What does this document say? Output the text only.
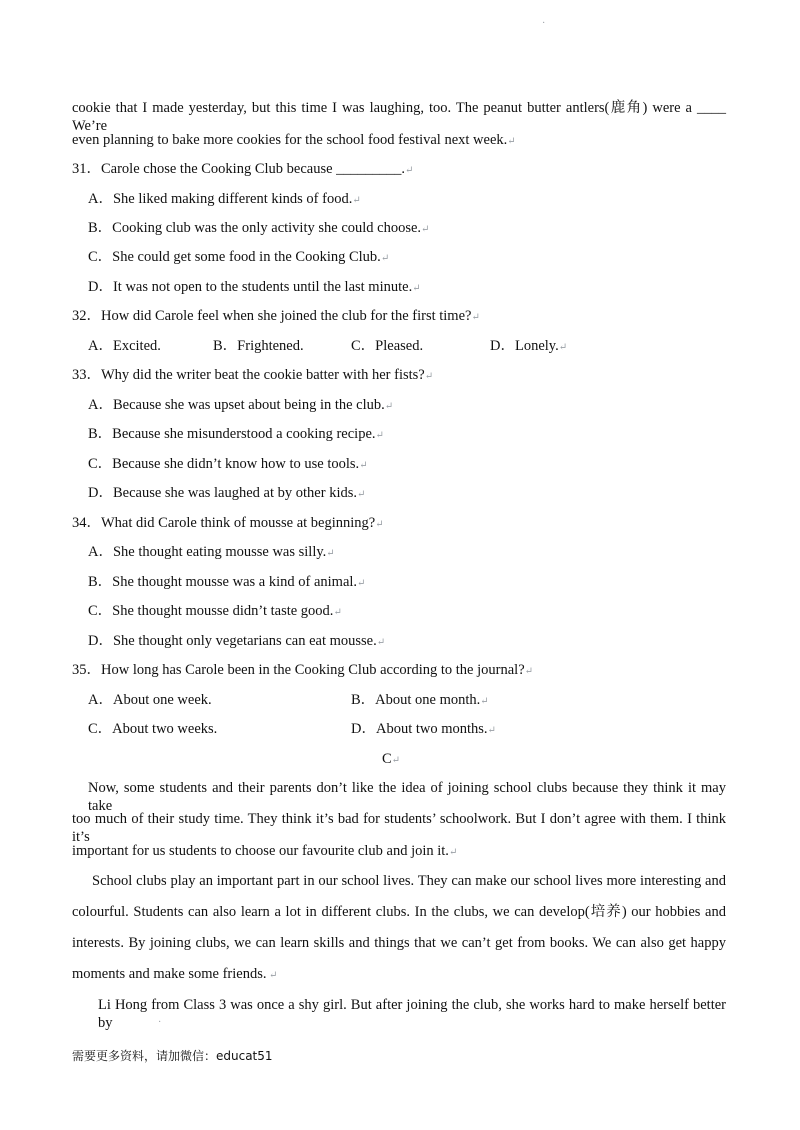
·
cookie that I made yesterday, but this time I was laughing, too. The peanut butter antlers(鹿角) were a ____ We’re
even planning to bake more cookies for the school food festival next week.↵
31．Carole chose the Cooking Club because _________.↵
A．She liked making different kinds of food.↵
B．Cooking club was the only activity she could choose.↵
C．She could get some food in the Cooking Club.↵
D．It was not open to the students until the last minute.↵
32．How did Carole feel when she joined the club for the first time?↵
A．Excited.	B．Frightened.	C．Pleased.	D．Lonely.↵
33．Why did the writer beat the cookie batter with her fists?↵
A．Because she was upset about being in the club.↵
B．Because she misunderstood a cooking recipe.↵
C．Because she didn’t know how to use tools.↵
D．Because she was laughed at by other kids.↵
34．What did Carole think of mousse at beginning?↵
A．She thought eating mousse was silly.↵
B．She thought mousse was a kind of animal.↵
C．She thought mousse didn’t taste good.↵
D．She thought only vegetarians can eat mousse.↵
35．How long has Carole been in the Cooking Club according to the journal?↵
A．About one week.	B．About one month.↵
C．About two weeks.	D．About two months.↵
C↵
Now, some students and their parents don’t like the idea of joining school clubs because they think it may take
too much of their study time. They think it’s bad for students’ schoolwork. But I don’t agree with them. I think it’s
important for us students to choose our favourite club and join it.↵
School clubs play an important part in our school lives. They can make our school lives more interesting and
colourful. Students can also learn a lot in different clubs. In the clubs, we can develop(培养) our hobbies and
interests. By joining clubs, we can learn skills and things that we can’t get from books. We can also get happy
moments and make some friends. ↵
Li Hong from Class 3 was once a shy girl. But after joining the club, she works hard to make herself better by	·
需要更多资料，请加微信：educat51
